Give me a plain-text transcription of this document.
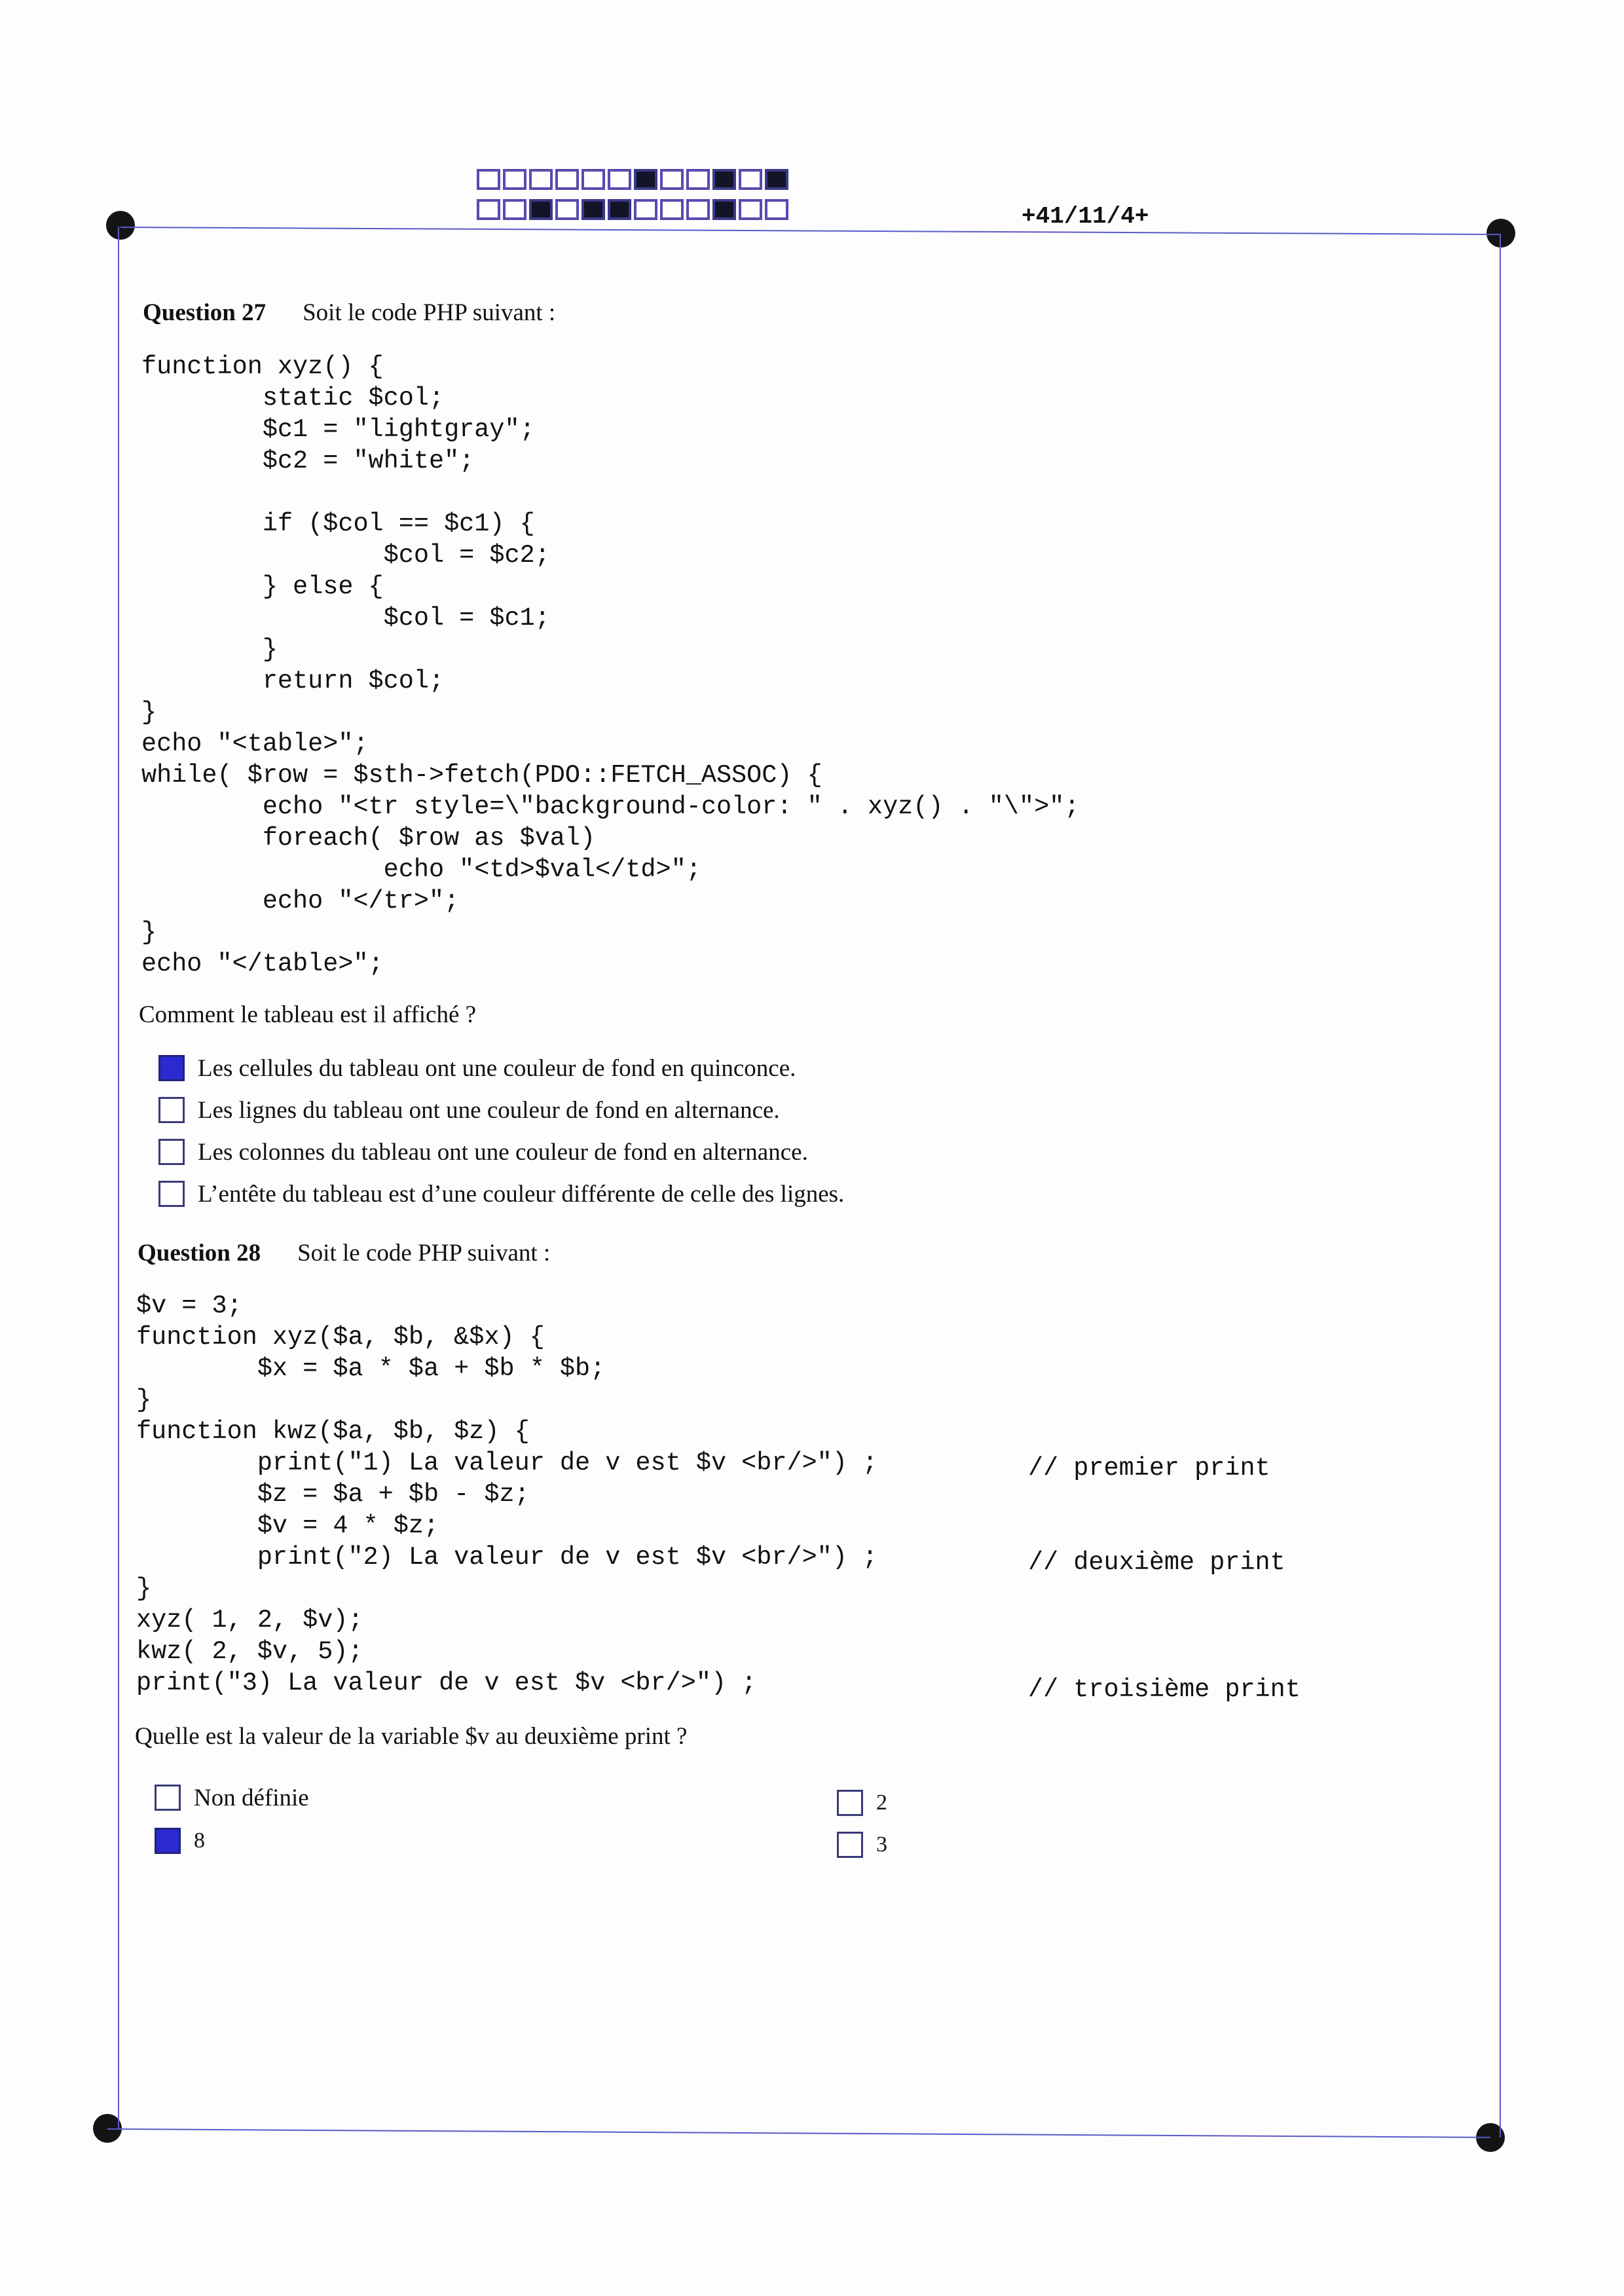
+41/11/4+
Question 27 Soit le code PHP suivant :
function xyz() {
static $col;
$c1 = "lightgray";
$c2 = "white";

if ($col == $c1) {
$col = $c2;
} else {
$col = $c1;
}
return $col;
}
echo "<table>";
while( $row = $sth->fetch(PDO::FETCH_ASSOC) {
echo "<tr style=\"background-color: " . xyz() . "\">";
foreach( $row as $val)
echo "<td>$val</td>";
echo "</tr>";
}
echo "</table>";
Comment le tableau est il affiché ?
Les cellules du tableau ont une couleur de fond en quinconce.
Les lignes du tableau ont une couleur de fond en alternance.
Les colonnes du tableau ont une couleur de fond en alternance.
L’entête du tableau est d’une couleur différente de celle des lignes.
Question 28 Soit le code PHP suivant :
$v = 3;
function xyz($a, $b, &$x) {
$x = $a * $a + $b * $b;
}
function kwz($a, $b, $z) {
print("1) La valeur de v est $v <br/>") ;
$z = $a + $b - $z;
$v = 4 * $z;
print("2) La valeur de v est $v <br/>") ;
}
xyz( 1, 2, $v);
kwz( 2, $v, 5);
print("3) La valeur de v est $v <br/>") ;
// premier print
// deuxième print
// troisième print
Quelle est la valeur de la variable $v au deuxième print ?
Non définie
8
2
3
